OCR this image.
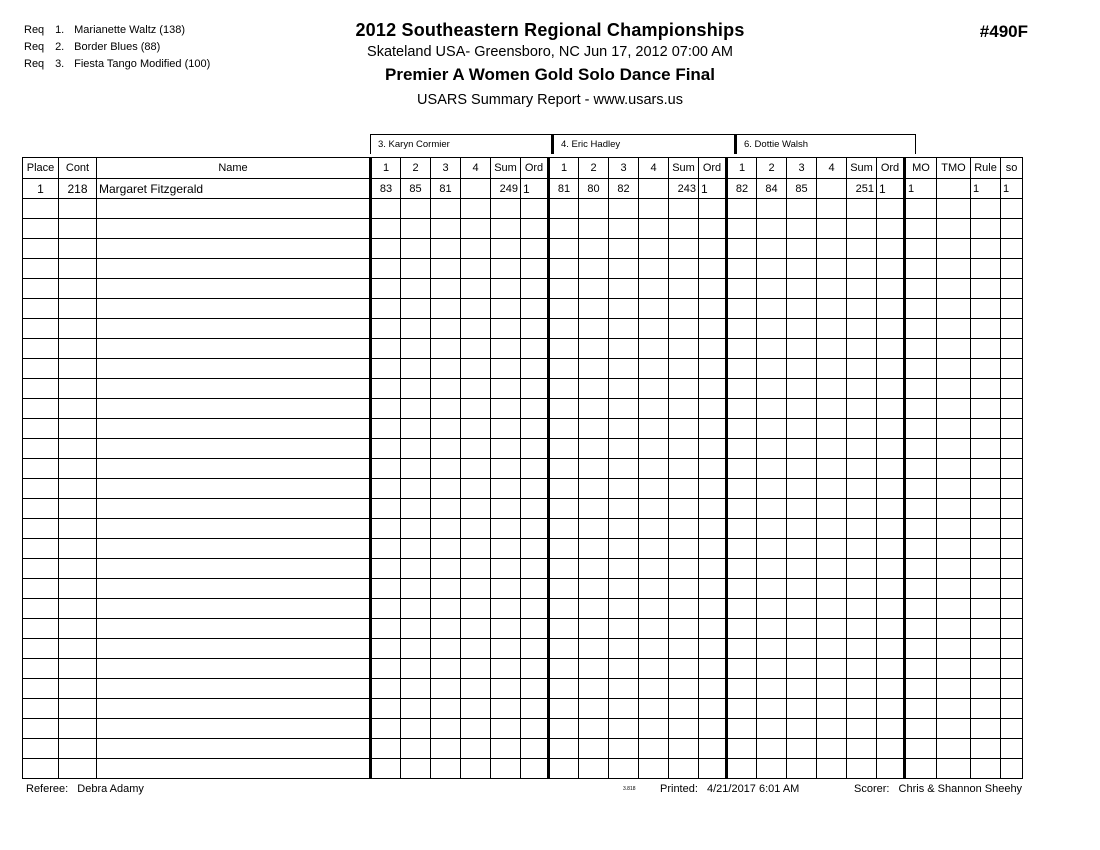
Req 1. Marianette Waltz (138)
Req 2. Border Blues (88)
Req 3. Fiesta Tango Modified (100)
2012 Southeastern Regional Championships
Skateland USA- Greensboro, NC Jun 17, 2012 07:00 AM
Premier A Women Gold Solo Dance Final
USARS Summary Report - www.usars.us
#490F
3. Karyn Cormier	4. Eric Hadley	6. Dottie Walsh
Place	Cont	Name	1	2	3	4	Sum	Ord	1	2	3	4	Sum	Ord	1	2	3	4	Sum	Ord	MO	TMO	Rule	so
1	218	Margaret Fitzgerald	83	85	81		249	1	81	80	82		243	1	82	84	85		251	1	1		1	1

Referee: Debra Adamy	3.818 Printed: 4/21/2017 6:01 AM	Scorer: Chris & Shannon Sheehy
